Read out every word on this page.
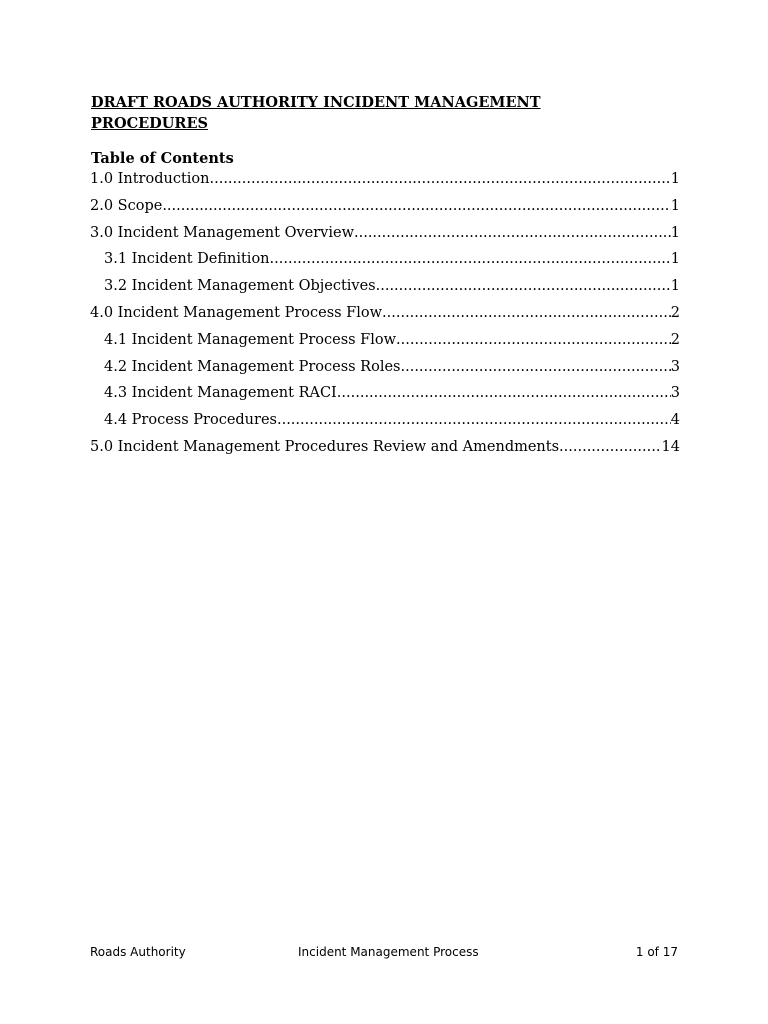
DRAFT ROADS AUTHORITY INCIDENT MANAGEMENT PROCEDURES
Table of Contents
1.0 Introduction .....	1
2.0 Scope .....	1
3.0 Incident Management Overview .....	1
3.1 Incident Definition .....	1
3.2 Incident Management Objectives .....	1
4.0 Incident Management Process Flow .....	2
4.1 Incident Management Process Flow .....	2
4.2 Incident Management Process Roles .....	3
4.3 Incident Management RACI .....	3
4.4 Process Procedures .....	4
5.0 Incident Management Procedures Review and Amendments .....	14
Roads Authority	Incident Management Process	1 of 17
